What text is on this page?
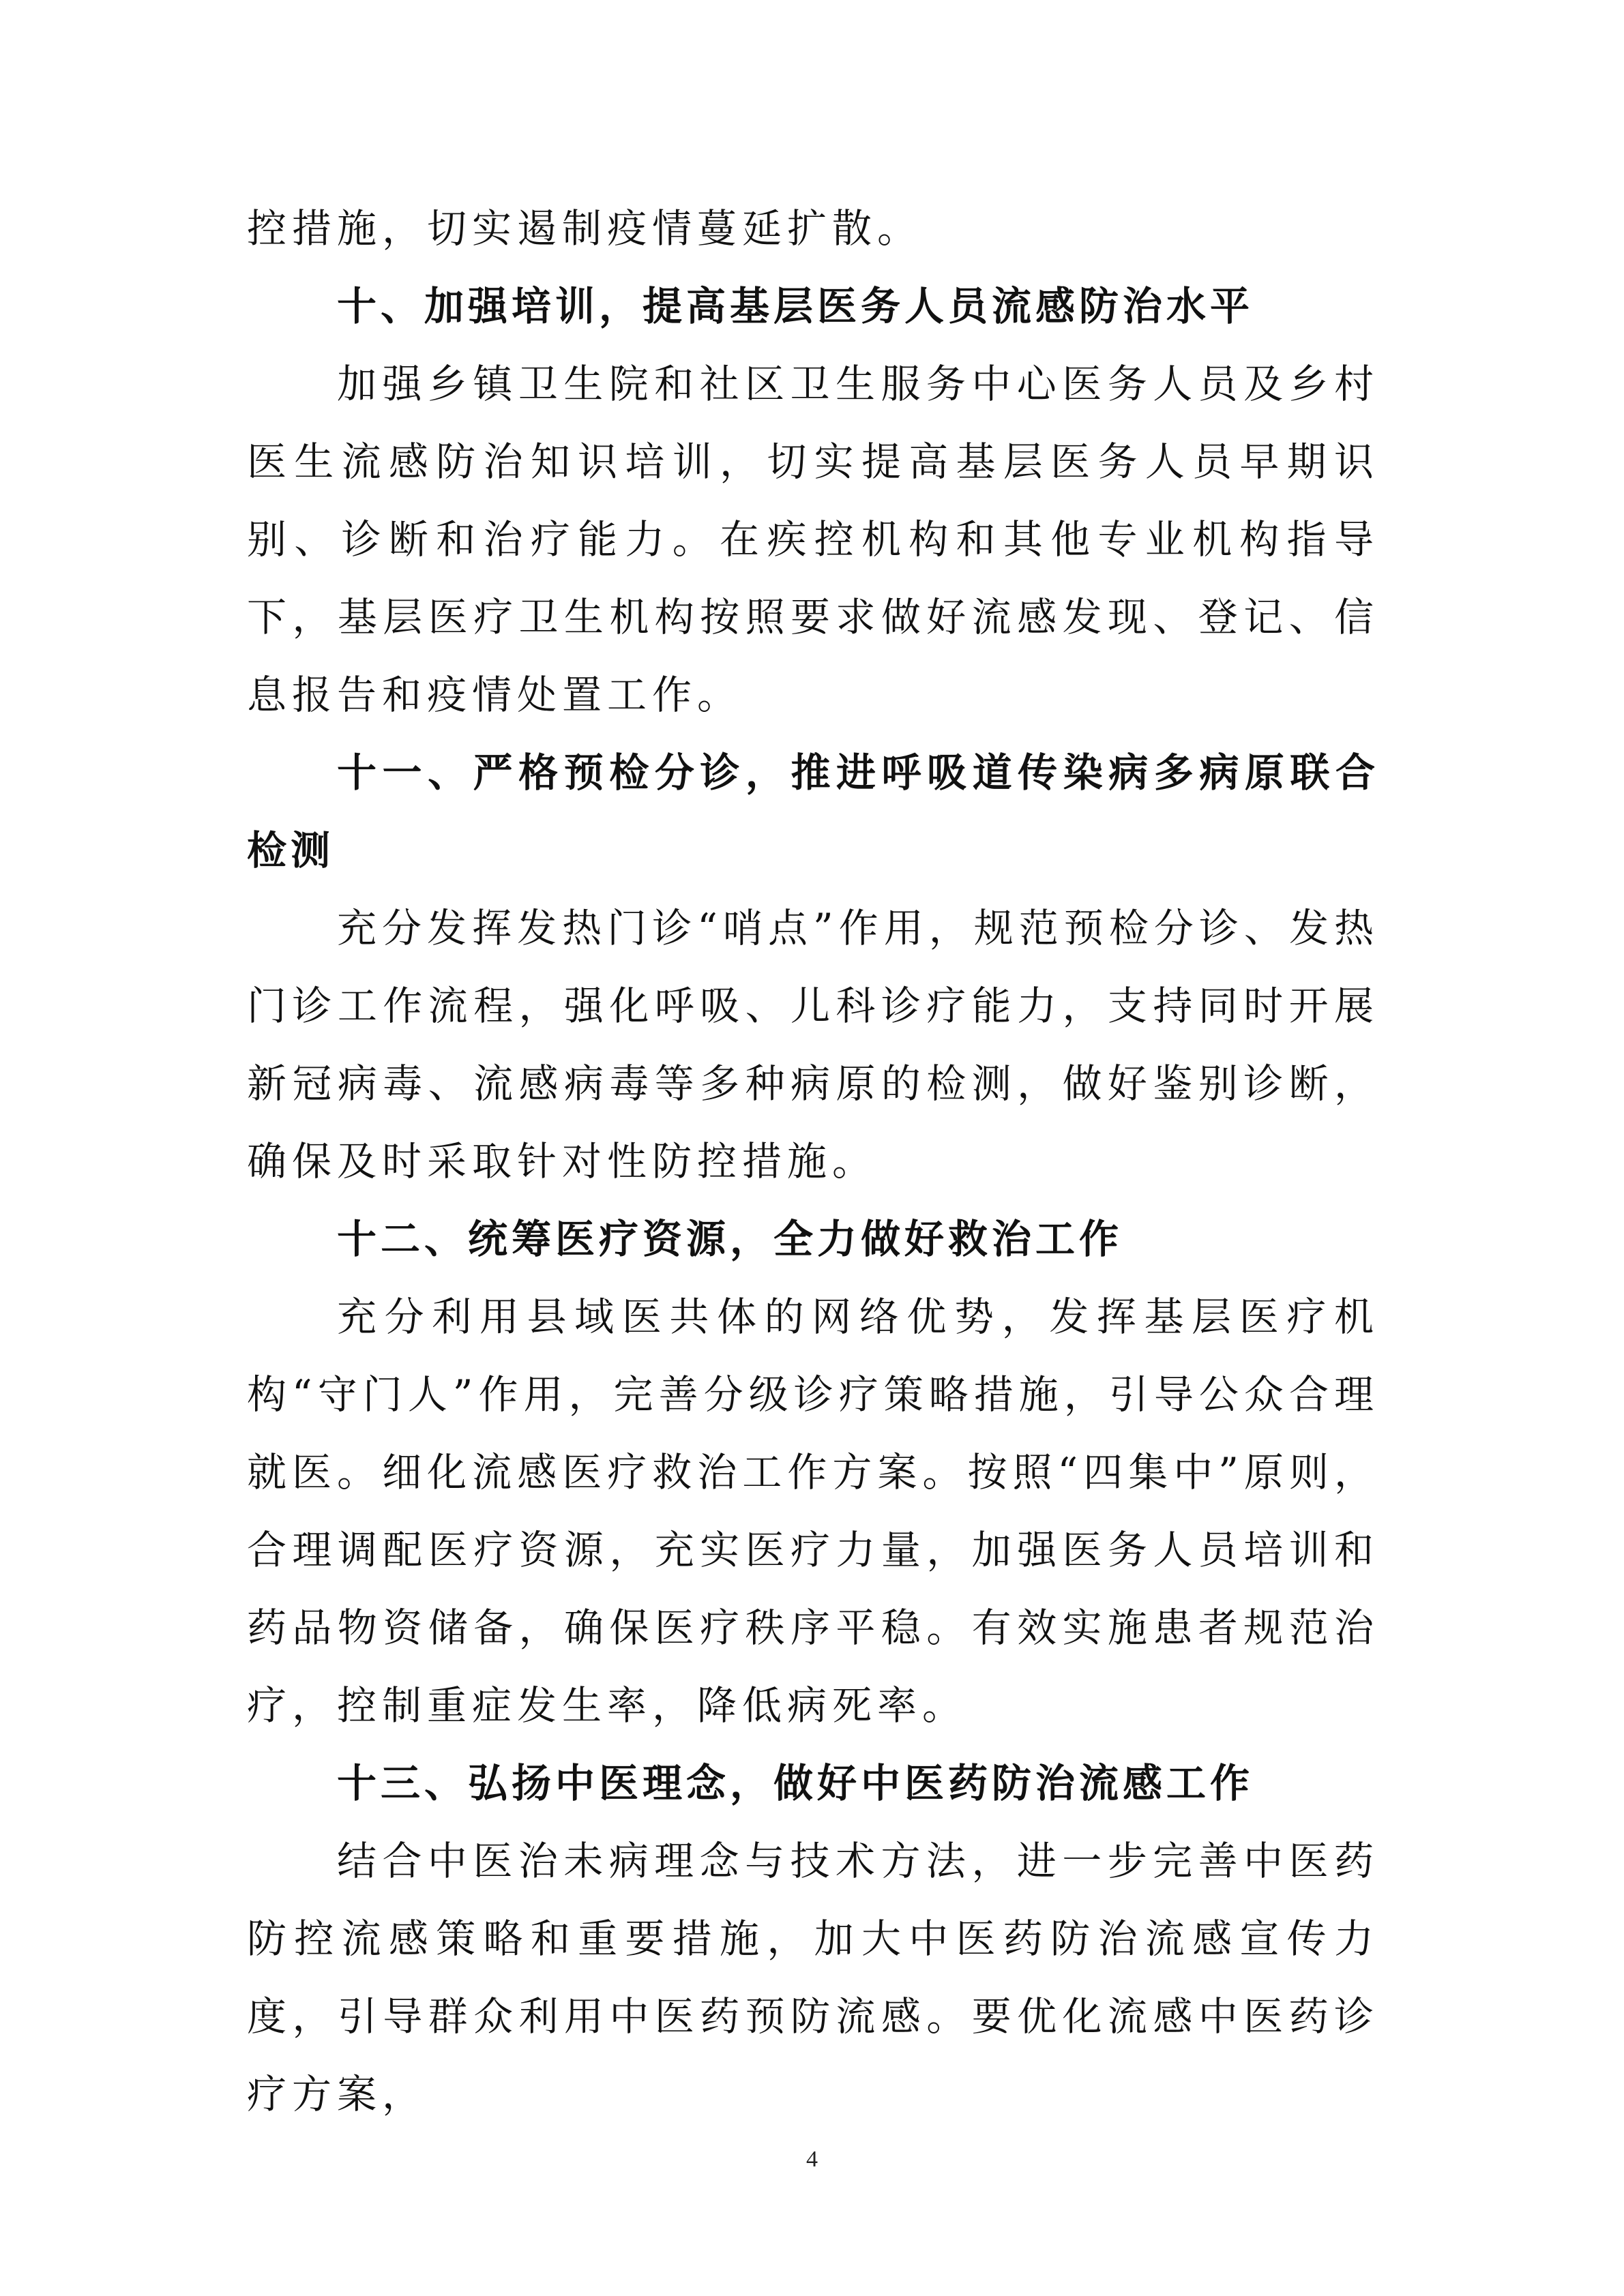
控措施，切实遏制疫情蔓延扩散。

十、加强培训，提高基层医务人员流感防治水平

加强乡镇卫生院和社区卫生服务中心医务人员及乡村医生流感防治知识培训，切实提高基层医务人员早期识别、诊断和治疗能力。在疾控机构和其他专业机构指导下，基层医疗卫生机构按照要求做好流感发现、登记、信息报告和疫情处置工作。

十一、严格预检分诊，推进呼吸道传染病多病原联合检测

充分发挥发热门诊“哨点”作用，规范预检分诊、发热门诊工作流程，强化呼吸、儿科诊疗能力，支持同时开展新冠病毒、流感病毒等多种病原的检测，做好鉴别诊断，确保及时采取针对性防控措施。

十二、统筹医疗资源，全力做好救治工作

充分利用县域医共体的网络优势，发挥基层医疗机构“守门人”作用，完善分级诊疗策略措施，引导公众合理就医。细化流感医疗救治工作方案。按照“四集中”原则，合理调配医疗资源，充实医疗力量，加强医务人员培训和药品物资储备，确保医疗秩序平稳。有效实施患者规范治疗，控制重症发生率，降低病死率。

十三、弘扬中医理念，做好中医药防治流感工作

结合中医治未病理念与技术方法，进一步完善中医药防控流感策略和重要措施，加大中医药防治流感宣传力度，引导群众利用中医药预防流感。要优化流感中医药诊疗方案，

4
